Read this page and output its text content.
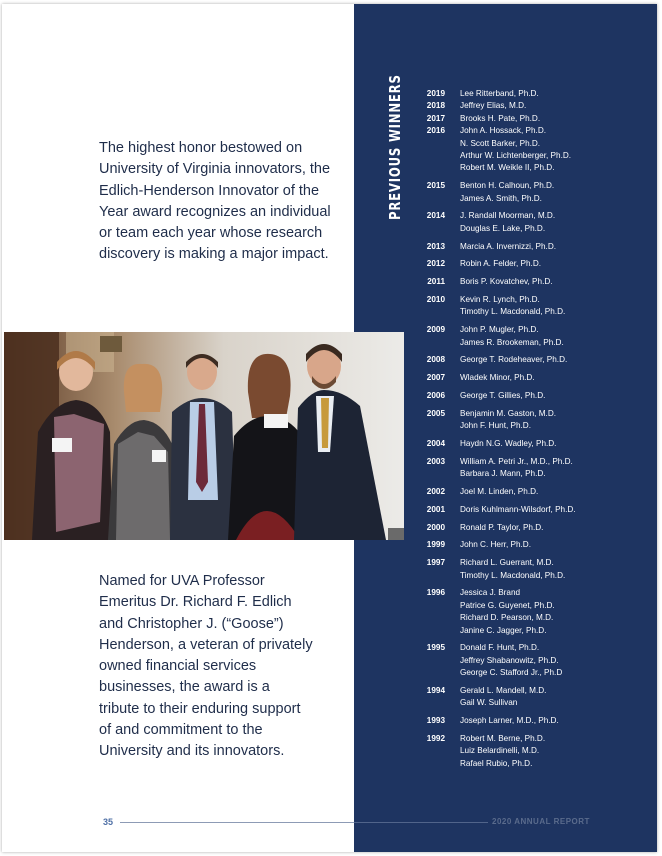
The highest honor bestowed on University of Virginia innovators, the Edlich-Henderson Innovator of the Year award recognizes an individual or team each year whose research discovery is making a major impact.

Named for UVA Professor Emeritus Dr. Richard F. Edlich and Christopher J. (“Goose”) Henderson, a veteran of privately owned financial services businesses, the award is a tribute to their enduring support of and commitment to the University and its innovators.

PREVIOUS WINNERS	2019	Lee Ritterband, Ph.D.
2018	Jeffrey Elias, M.D.
2017	Brooks H. Pate, Ph.D.
2016	John A. Hossack, Ph.D.
N. Scott Barker, Ph.D.
Arthur W. Lichtenberger, Ph.D.
Robert M. Weikle II, Ph.D.
2015	Benton H. Calhoun, Ph.D.
James A. Smith, Ph.D.
2014	J. Randall Moorman, M.D.
Douglas E. Lake, Ph.D.
2013	Marcia A. Invernizzi, Ph.D.
2012	Robin A. Felder, Ph.D.
2011	Boris P. Kovatchev, Ph.D.
2010	Kevin R. Lynch, Ph.D.
Timothy L. Macdonald, Ph.D.
2009	John P. Mugler, Ph.D.
James R. Brookeman, Ph.D.
2008	George T. Rodeheaver, Ph.D.
2007	Wladek Minor, Ph.D.
2006	George T. Gillies, Ph.D.
2005	Benjamin M. Gaston, M.D.
John F. Hunt, Ph.D.
2004	Haydn N.G. Wadley, Ph.D.
2003	William A. Petri Jr., M.D., Ph.D.
Barbara J. Mann, Ph.D.
2002	Joel M. Linden, Ph.D.
2001	Doris Kuhlmann-Wilsdorf, Ph.D.
2000	Ronald P. Taylor, Ph.D.
1999	John C. Herr, Ph.D.
1997	Richard L. Guerrant, M.D.
Timothy L. Macdonald, Ph.D.
1996	Jessica J. Brand
Patrice G. Guyenet, Ph.D.
Richard D. Pearson, M.D.
Janine C. Jagger, Ph.D.
1995	Donald F. Hunt, Ph.D.
Jeffrey Shabanowitz, Ph.D.
George C. Stafford Jr., Ph.D
1994	Gerald L. Mandell, M.D.
Gail W. Sullivan
1993	Joseph Larner, M.D., Ph.D.
1992	Robert M. Berne, Ph.D.
Luiz Belardinelli, M.D.
Rafael Rubio, Ph.D.
35	2020 ANNUAL REPORT
